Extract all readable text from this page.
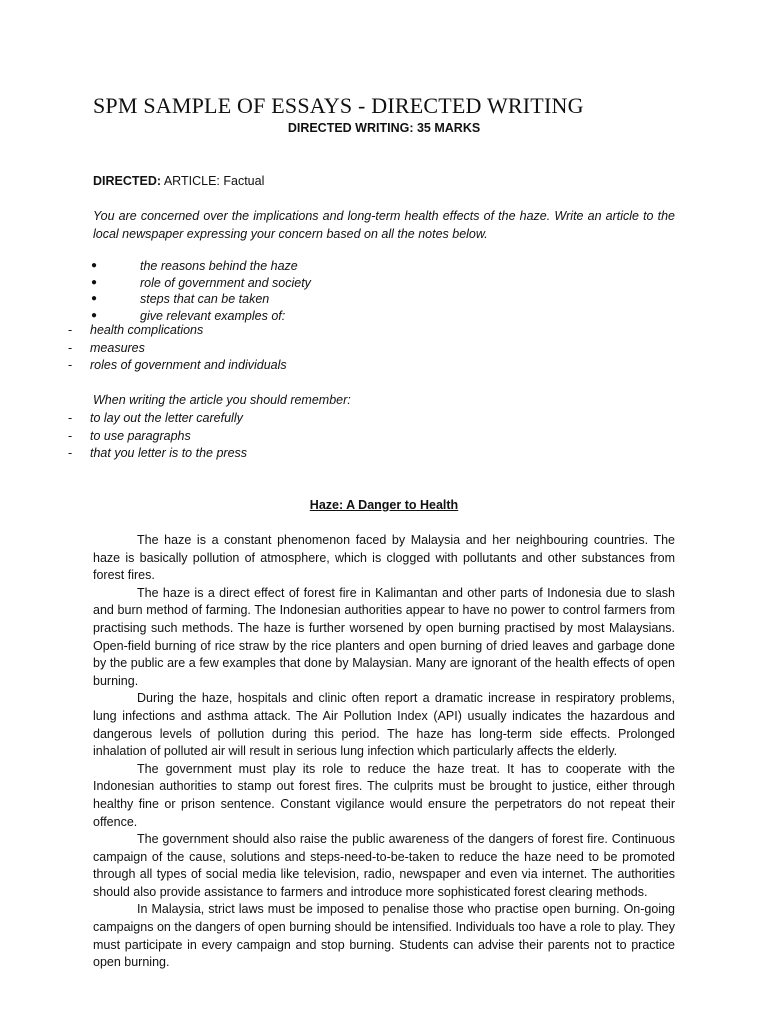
SPM SAMPLE OF ESSAYS - DIRECTED WRITING
DIRECTED WRITING: 35 MARKS
DIRECTED: ARTICLE: Factual
You are concerned over the implications and long-term health effects of the haze. Write an article to the local newspaper expressing your concern based on all the notes below.
●	the reasons behind the haze
●	role of government and society
●	steps that can be taken
●	give relevant examples of:
- health complications
- measures
- roles of government and individuals
When writing the article you should remember:
- to lay out the letter carefully
- to use paragraphs
- that you letter is to the press
Haze: A Danger to Health

The haze is a constant phenomenon faced by Malaysia and her neighbouring countries. The haze is basically pollution of atmosphere, which is clogged with pollutants and other substances from forest fires.

The haze is a direct effect of forest fire in Kalimantan and other parts of Indonesia due to slash and burn method of farming. The Indonesian authorities appear to have no power to control farmers from practising such methods. The haze is further worsened by open burning practised by most Malaysians. Open-field burning of rice straw by the rice planters and open burning of dried leaves and garbage done by the public are a few examples that done by Malaysian. Many are ignorant of the health effects of open burning.

During the haze, hospitals and clinic often report a dramatic increase in respiratory problems, lung infections and asthma attack. The Air Pollution Index (API) usually indicates the hazardous and dangerous levels of pollution during this period. The haze has long-term side effects. Prolonged inhalation of polluted air will result in serious lung infection which particularly affects the elderly.

The government must play its role to reduce the haze treat. It has to cooperate with the Indonesian authorities to stamp out forest fires. The culprits must be brought to justice, either through healthy fine or prison sentence. Constant vigilance would ensure the perpetrators do not repeat their offence.

The government should also raise the public awareness of the dangers of forest fire. Continuous campaign of the cause, solutions and steps-need-to-be-taken to reduce the haze need to be promoted through all types of social media like television, radio, newspaper and even via internet. The authorities should also provide assistance to farmers and introduce more sophisticated forest clearing methods.

In Malaysia, strict laws must be imposed to penalise those who practise open burning. On-going campaigns on the dangers of open burning should be intensified. Individuals too have a role to play. They must participate in every campaign and stop burning. Students can advise their parents not to practice open burning.
